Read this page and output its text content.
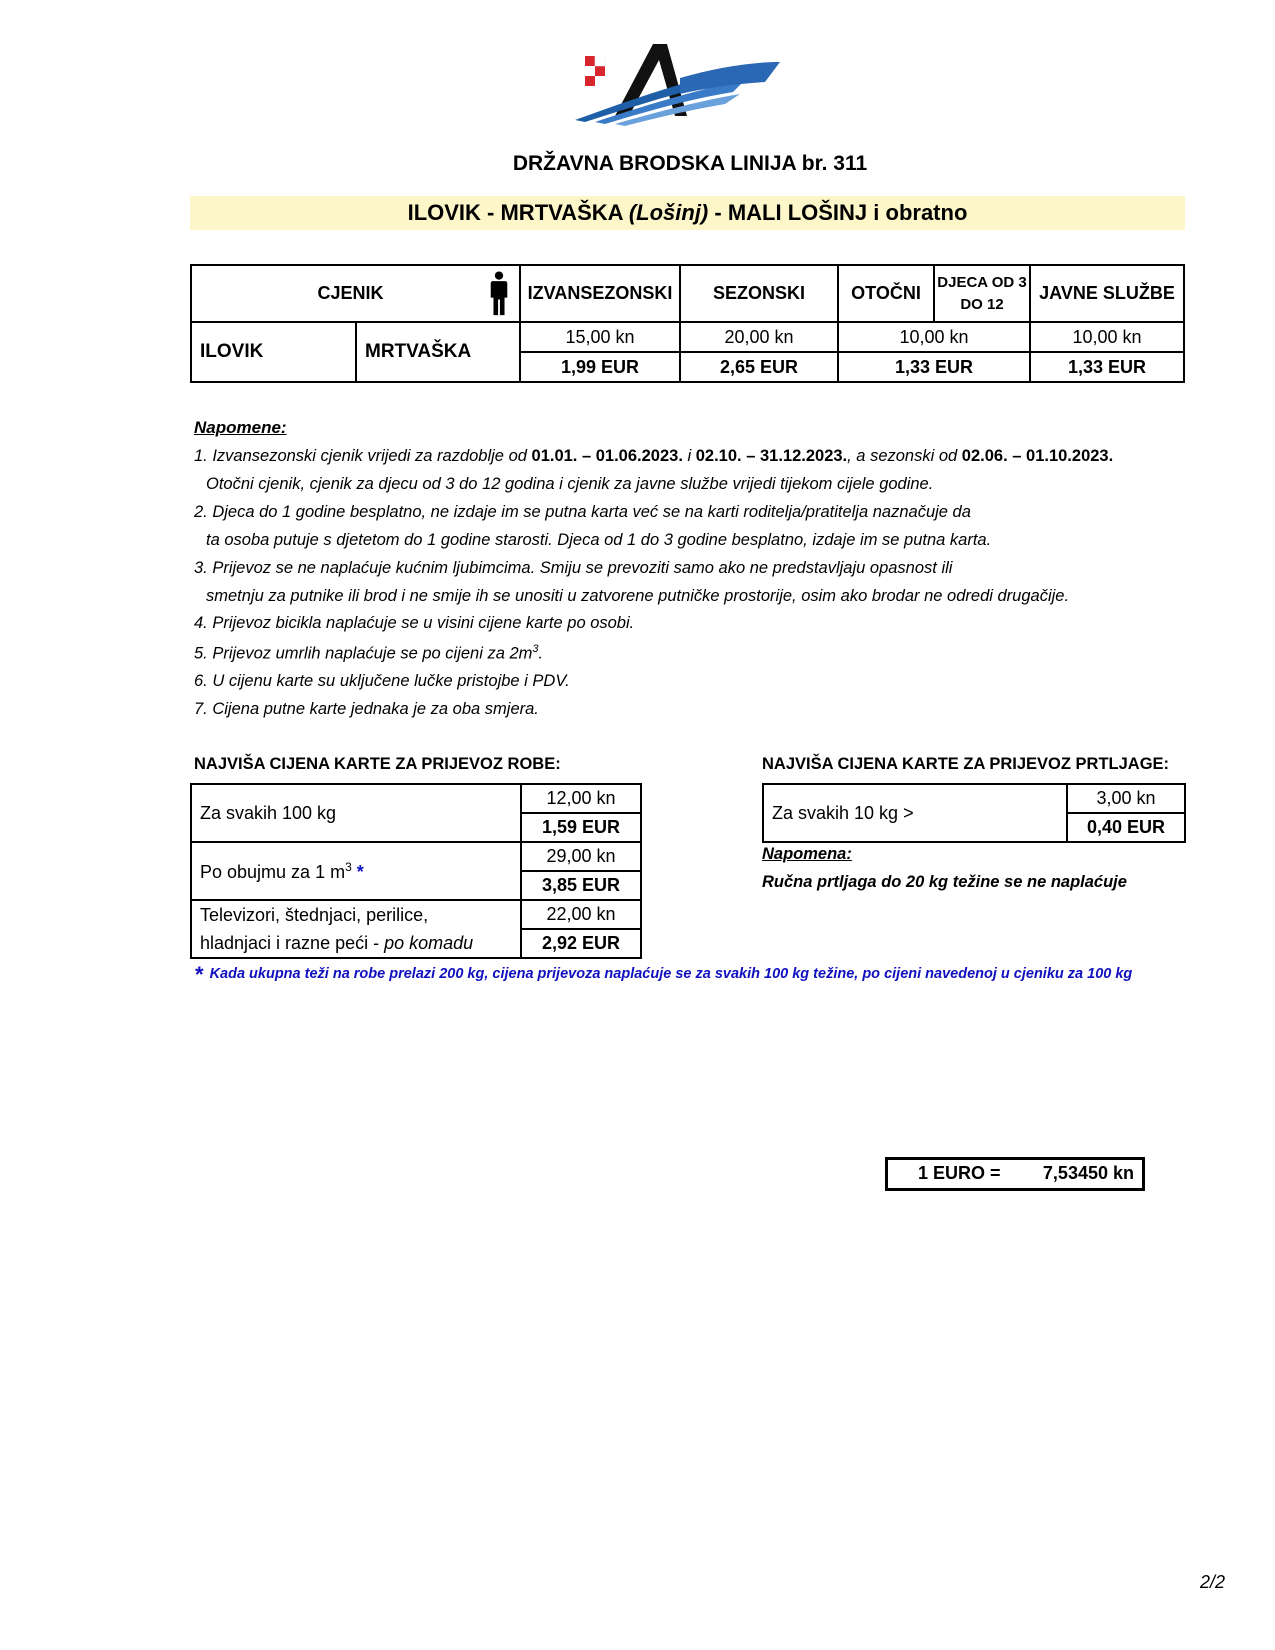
DRŽAVNA BRODSKA LINIJA br. 311
ILOVIK - MRTVAŠKA (Lošinj) - MALI LOŠINJ i obratno
CJENIK		IZVANSEZONSKI	SEZONSKI	OTOČNI	DJECA OD 3 DO 12	JAVNE SLUŽBE
ILOVIK	MRTVAŠKA	15,00 kn	20,00 kn	10,00 kn		10,00 kn
		1,99 EUR	2,65 EUR	1,33 EUR		1,33 EUR
Napomene:
1. Izvansezonski cjenik vrijedi za razdoblje od 01.01. – 01.06.2023. i 02.10. – 31.12.2023., a sezonski od 02.06. – 01.10.2023.
Otočni cjenik, cjenik za djecu od 3 do 12 godina i cjenik za javne službe vrijedi tijekom cijele godine.
2. Djeca do 1 godine besplatno, ne izdaje im se putna karta već se na karti roditelja/pratitelja naznačuje da
ta osoba putuje s djetetom do 1 godine starosti. Djeca od 1 do 3 godine besplatno, izdaje im se putna karta.
3. Prijevoz se ne naplaćuje kućnim ljubimcima. Smiju se prevoziti samo ako ne predstavljaju opasnost ili
smetnju za putnike ili brod i ne smije ih se unositi u zatvorene putničke prostorije, osim ako brodar ne odredi drugačije.
4. Prijevoz bicikla naplaćuje se u visini cijene karte po osobi.
5. Prijevoz umrlih naplaćuje se po cijeni za $2m^3$.
6. U cijenu karte su uključene lučke pristojbe i PDV.
7. Cijena putne karte jednaka je za oba smjera.
NAJVIŠA CIJENA KARTE ZA PRIJEVOZ ROBE:
Za svakih 100 kg	12,00 kn
	1,59 EUR
Po obujmu za 1 $m^3$ *	29,00 kn
	3,85 EUR
Televizori, štednjaci, perilice,	22,00 kn
hladnjaci i razne peći - po komadu	2,92 EUR
NAJVIŠA CIJENA KARTE ZA PRIJEVOZ PRTLJAGE:
Za svakih 10 kg >	3,00 kn
0,40 EUR
Napomena:
Ručna prtljaga do 20 kg težine se ne naplaćuje
* Kada ukupna teži na robe prelazi 200 kg, cijena prijevoza naplaćuje se za svakih 100 kg težine, po cijeni navedenoj u cjeniku za 100 kg
1 EURO = 7,53450 kn
2/2
